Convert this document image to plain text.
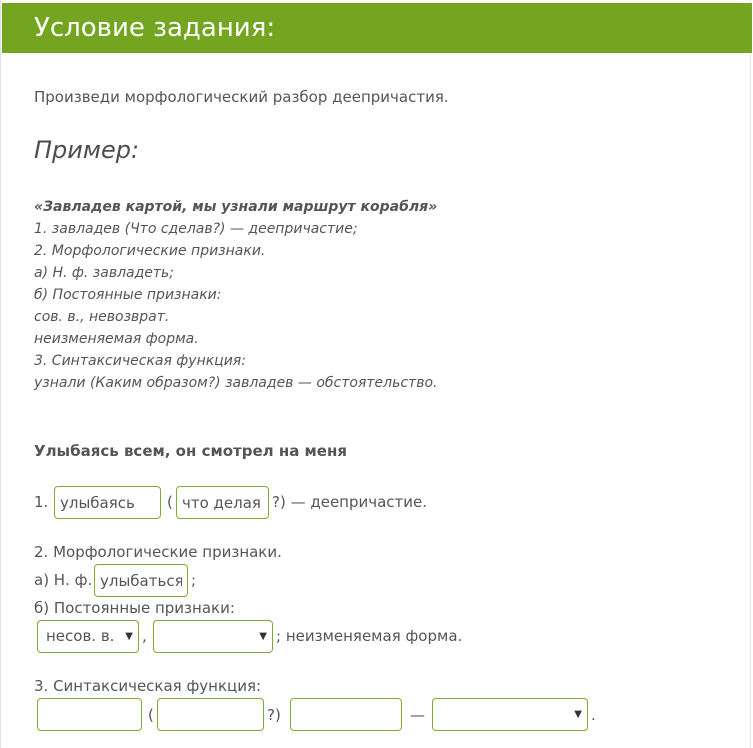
Условие задания:
Произведи морфологический разбор деепричастия.
Пример:
«Завладев картой, мы узнали маршрут корабля»
1. завладев (Что сделав?) — деепричастие;
2. Морфологические признаки.
а) Н. ф. завладеть;
б) Постоянные признаки:
сов. в., невозврат.
неизменяемая форма.
3. Синтаксическая функция:
узнали (Каким образом?) завладев — обстоятельство.
Улыбаясь всем, он смотрел на меня
1.
улыбаясь	(
что делая	?) — деепричастие.
2. Морфологические признаки.
а) Н. ф.
улыбаться	;
б) Постоянные признаки:
несов. в. ▼ ,	▼ ; неизменяемая форма.
3. Синтаксическая функция:
(	?)	—	▼ .
